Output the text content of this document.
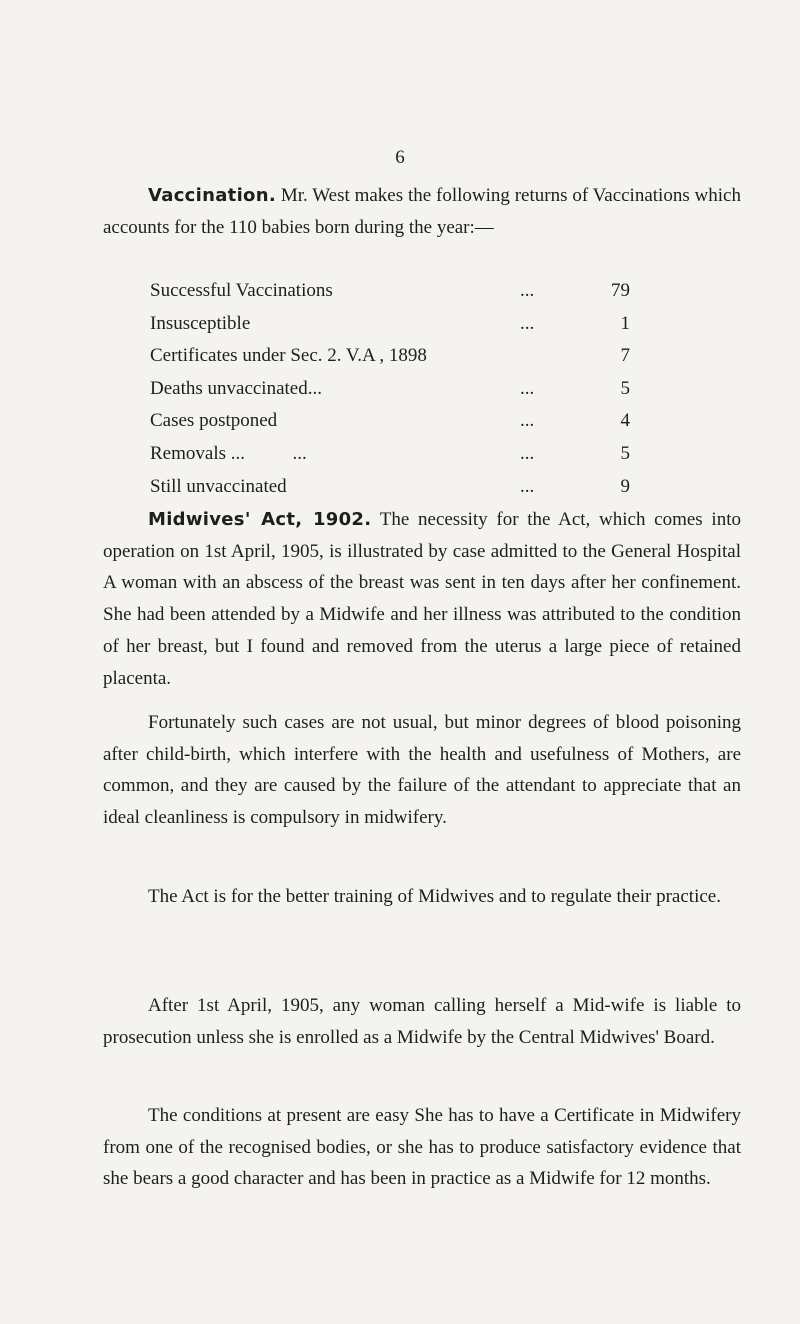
6

Vaccination. Mr. West makes the following returns of Vaccinations which accounts for the 110 babies born during the year:—

Successful Vaccinations	...	79
Insusceptible	...	1
Certificates under Sec. 2. V.A , 1898	7
Deaths unvaccinated...	...	5
Cases postponed	...	4
Removals ...          ...	...	5
Still unvaccinated	...	9

Midwives' Act, 1902. The necessity for the Act, which comes into operation on 1st April, 1905, is illustrated by case admitted to the General Hospital A woman with an abscess of the breast was sent in ten days after her confinement. She had been attended by a Midwife and her illness was attributed to the condition of her breast, but I found and removed from the uterus a large piece of retained placenta.

Fortunately such cases are not usual, but minor degrees of blood poisoning after child-birth, which interfere with the health and usefulness of Mothers, are common, and they are caused by the failure of the attendant to appreciate that an ideal cleanliness is compulsory in midwifery.

The Act is for the better training of Midwives and to regulate their practice.

After 1st April, 1905, any woman calling herself a Mid-wife is liable to prosecution unless she is enrolled as a Midwife by the Central Midwives' Board.

The conditions at present are easy She has to have a Certificate in Midwifery from one of the recognised bodies, or she has to produce satisfactory evidence that she bears a good character and has been in practice as a Midwife for 12 months.
